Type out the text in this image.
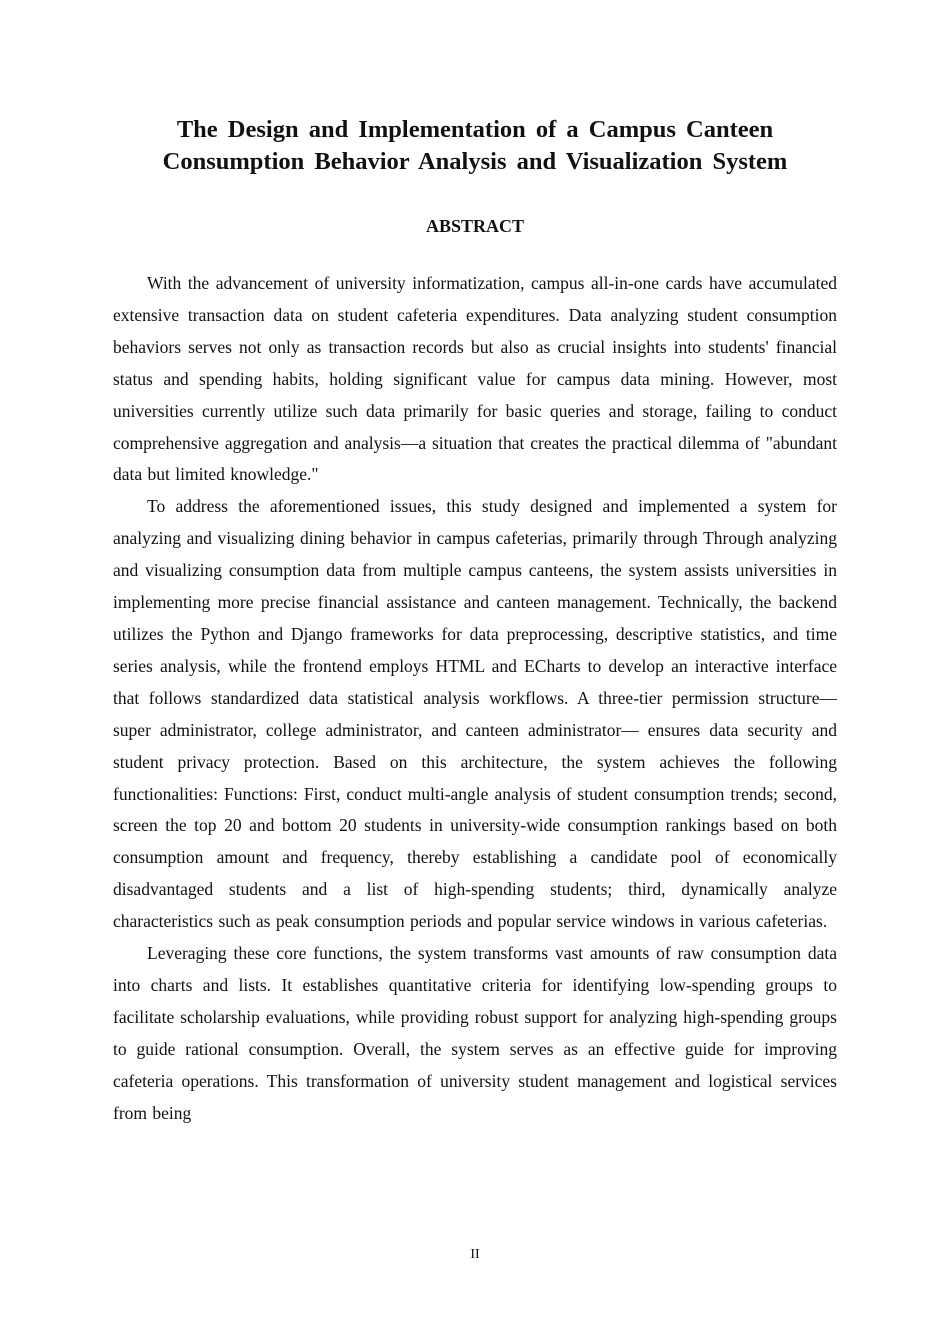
The Design and Implementation of a Campus Canteen
Consumption Behavior Analysis and Visualization System
ABSTRACT

With the advancement of university informatization, campus all-in-one cards have accumulated extensive transaction data on student cafeteria expenditures. Data analyzing student consumption behaviors serves not only as transaction records but also as crucial insights into students' financial status and spending habits, holding significant value for campus data mining. However, most universities currently utilize such data primarily for basic queries and storage, failing to conduct comprehensive aggregation and analysis—a situation that creates the practical dilemma of "abundant data but limited knowledge."

To address the aforementioned issues, this study designed and implemented a system for analyzing and visualizing dining behavior in campus cafeterias, primarily through Through analyzing and visualizing consumption data from multiple campus canteens, the system assists universities in implementing more precise financial assistance and canteen management. Technically, the backend utilizes the Python and Django frameworks for data preprocessing, descriptive statistics, and time series analysis, while the frontend employs HTML and ECharts to develop an interactive interface that follows standardized data statistical analysis workflows. A three-tier permission structure— super administrator, college administrator, and canteen administrator— ensures data security and student privacy protection. Based on this architecture, the system achieves the following functionalities: Functions: First, conduct multi-angle analysis of student consumption trends; second, screen the top 20 and bottom 20 students in university-wide consumption rankings based on both consumption amount and frequency, thereby establishing a candidate pool of economically disadvantaged students and a list of high-spending students; third, dynamically analyze characteristics such as peak consumption periods and popular service windows in various cafeterias.

Leveraging these core functions, the system transforms vast amounts of raw consumption data into charts and lists. It establishes quantitative criteria for identifying low-spending groups to facilitate scholarship evaluations, while providing robust support for analyzing high-spending groups to guide rational consumption. Overall, the system serves as an effective guide for improving cafeteria operations. This transformation of university student management and logistical services from being

II
